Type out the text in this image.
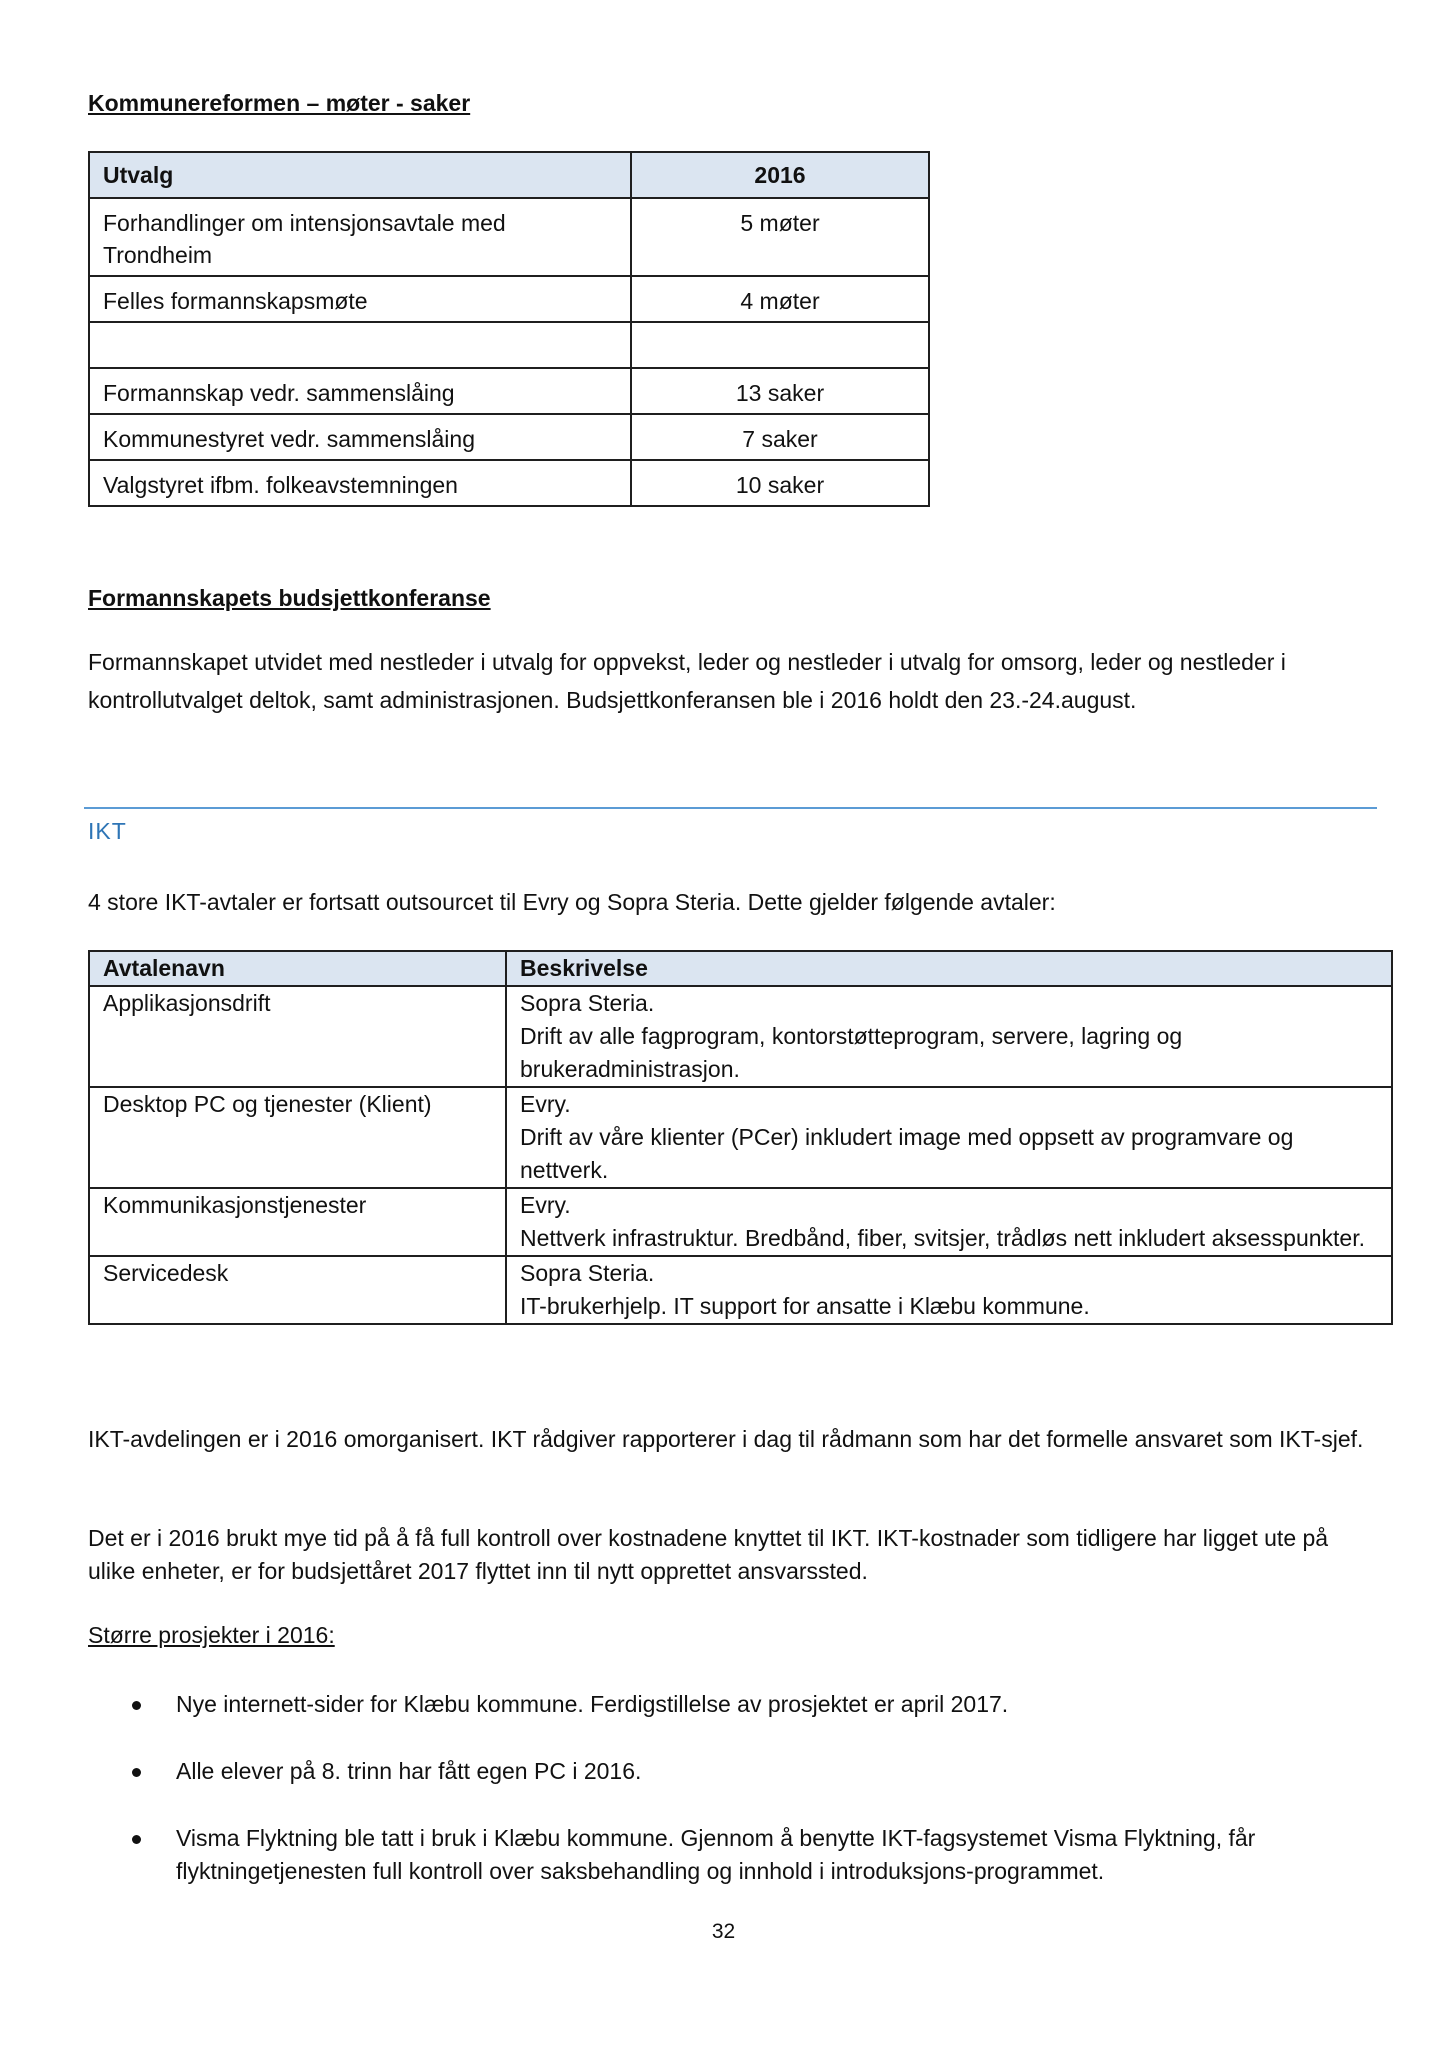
Kommunereformen – møter - saker
Utvalg	2016
Forhandlinger om intensjonsavtale med Trondheim	5 møter
Felles formannskapsmøte	4 møter

Formannskap vedr. sammenslåing	13 saker
Kommunestyret vedr. sammenslåing	7 saker
Valgstyret ifbm. folkeavstemningen	10 saker
Formannskapets budsjettkonferanse
Formannskapet utvidet med nestleder i utvalg for oppvekst, leder og nestleder i utvalg for omsorg, leder og nestleder i kontrollutvalget deltok, samt administrasjonen. Budsjettkonferansen ble i 2016 holdt den 23.-24.august.
IKT
4 store IKT-avtaler er fortsatt outsourcet til Evry og Sopra Steria. Dette gjelder følgende avtaler:
Avtalenavn	Beskrivelse
Applikasjonsdrift	Sopra Steria.
Drift av alle fagprogram, kontorstøtteprogram, servere, lagring og brukeradministrasjon.

Desktop PC og tjenester (Klient)	Evry.
Drift av våre klienter (PCer) inkludert image med oppsett av programvare og nettverk.

Kommunikasjonstjenester	Evry.
Nettverk infrastruktur. Bredbånd, fiber, svitsjer, trådløs nett inkludert aksesspunkter.

Servicedesk	Sopra Steria.
IT-brukerhjelp. IT support for ansatte i Klæbu kommune.
IKT-avdelingen er i 2016 omorganisert. IKT rådgiver rapporterer i dag til rådmann som har det formelle ansvaret som IKT-sjef.
Det er i 2016 brukt mye tid på å få full kontroll over kostnadene knyttet til IKT. IKT-kostnader som tidligere har ligget ute på ulike enheter, er for budsjettåret 2017 flyttet inn til nytt opprettet ansvarssted.
Større prosjekter i 2016:
Nye internett-sider for Klæbu kommune. Ferdigstillelse av prosjektet er april 2017.
Alle elever på 8. trinn har fått egen PC i 2016.
Visma Flyktning ble tatt i bruk i Klæbu kommune. Gjennom å benytte IKT-fagsystemet Visma Flyktning, får flyktningetjenesten full kontroll over saksbehandling og innhold i introduksjons-programmet.
32
